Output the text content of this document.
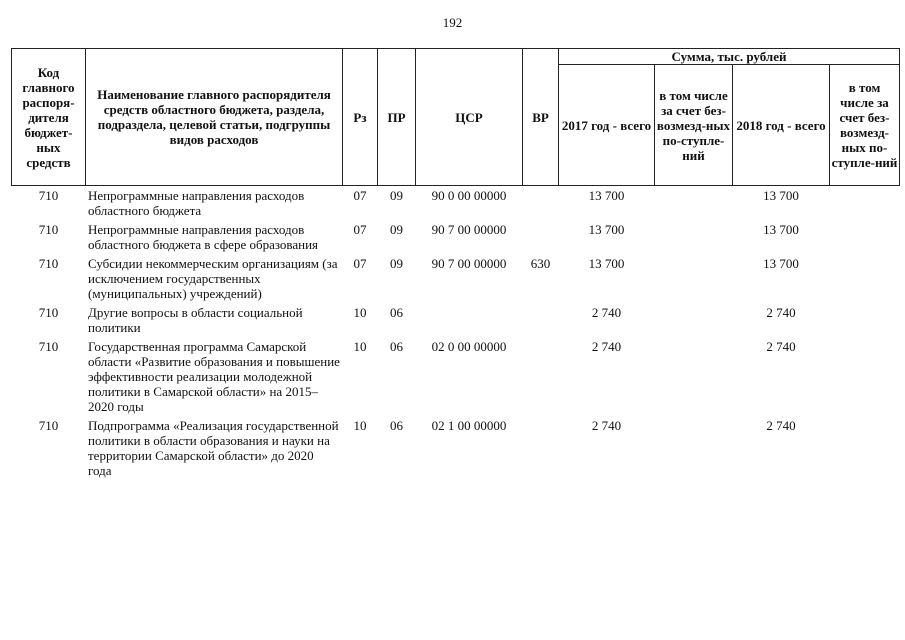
192
Код главного распоря-дителя бюджет-ных средств	Наименование главного распорядителя средств областного бюджета, раздела, подраздела, целевой статьи, подгруппы видов расходов	Рз	ПР	ЦСР	ВР	Сумма, тыс. рублей			
						2017 год - всего	в том числе за счет без-возмезд-ных по-ступле-ний	2018 год - всего	в том числе за счет без-возмезд-ных по-ступле-ний
710	Непрограммные направления расходов областного бюджета	07	09	90 0 00 00000		13 700		13 700	
710	Непрограммные направления расходов областного бюджета в сфере образования	07	09	90 7 00 00000		13 700		13 700	
710	Субсидии некоммерческим организациям (за исключением государственных (муниципальных) учреждений)	07	09	90 7 00 00000	630	13 700		13 700	
710	Другие вопросы в области социальной политики	10	06			2 740		2 740	
710	Государственная программа Самарской области «Развитие образования и повышение эффективности реализации молодежной политики в Самарской области» на 2015–2020 годы	10	06	02 0 00 00000		2 740		2 740	
710	Подпрограмма «Реализация государственной политики в области образования и науки на территории Самарской области» до 2020 года	10	06	02 1 00 00000		2 740		2 740	
